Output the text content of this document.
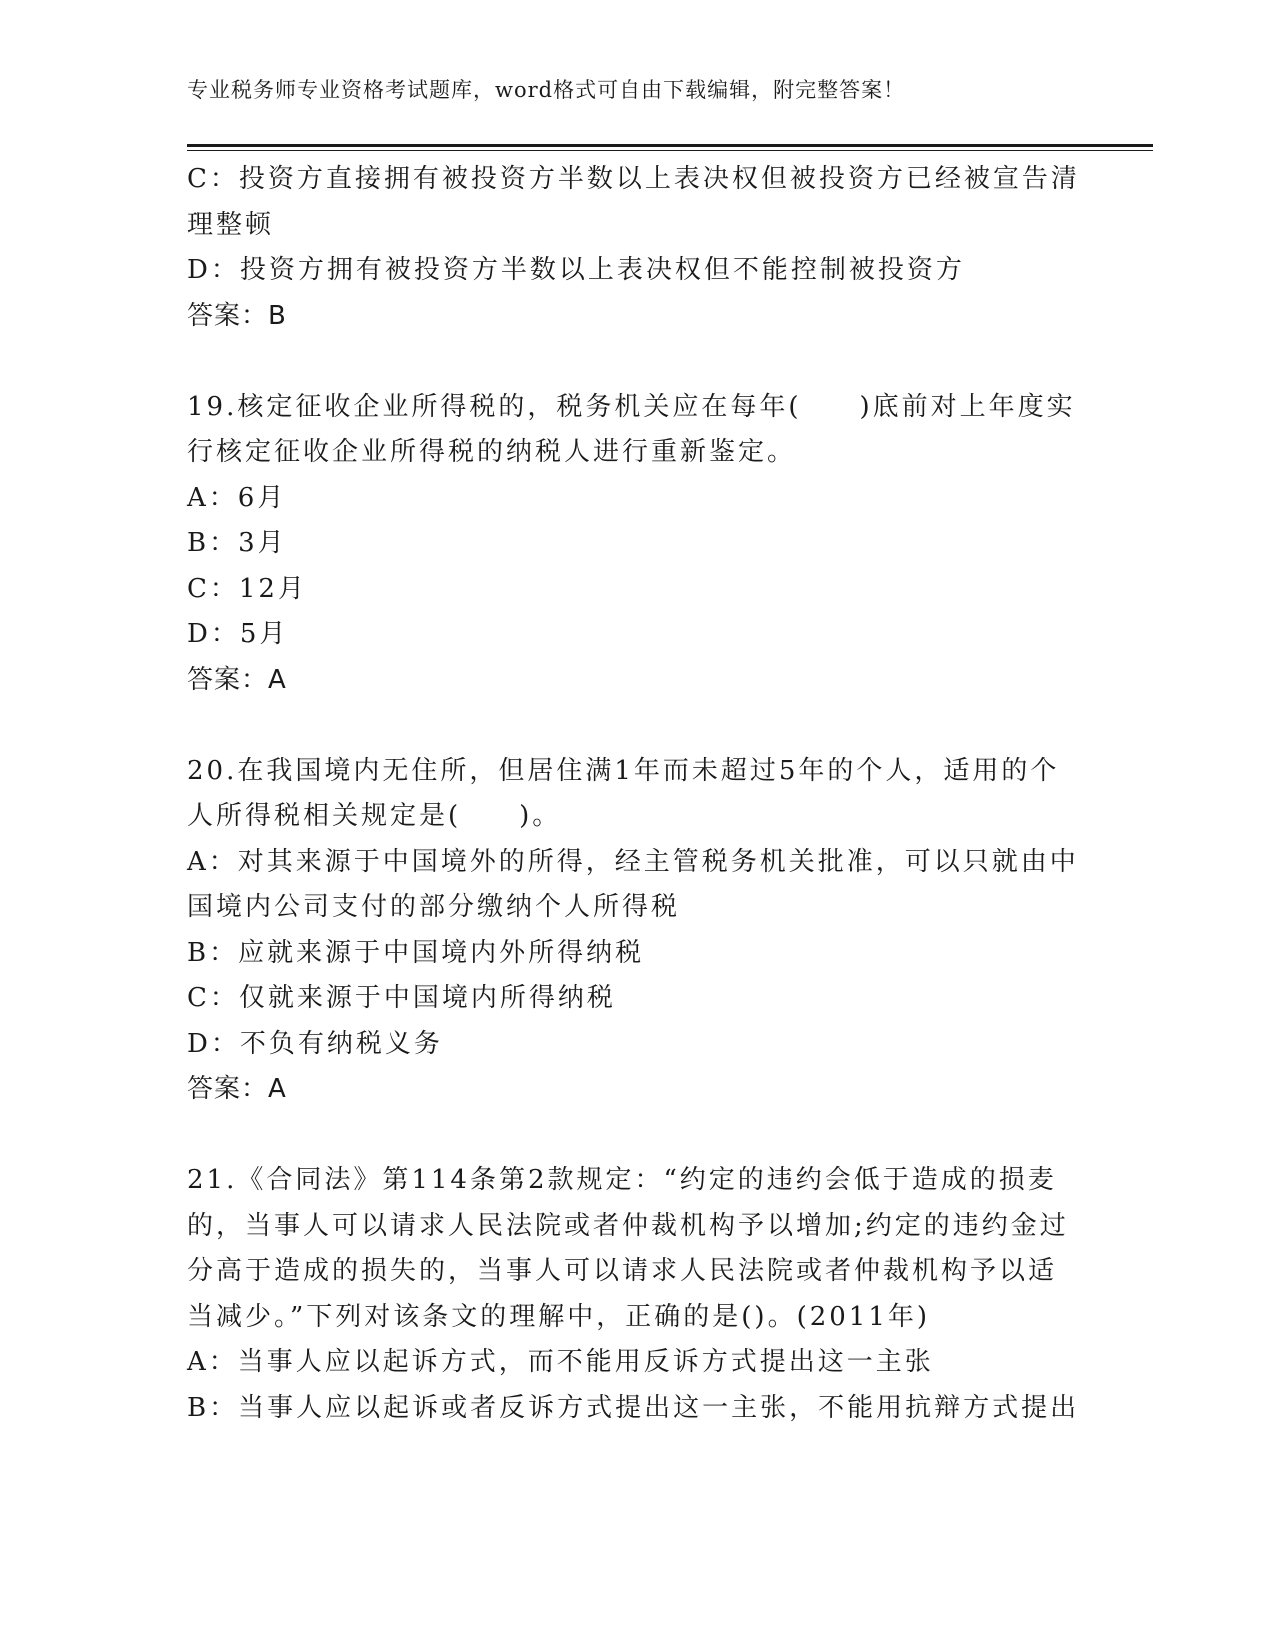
专业税务师专业资格考试题库，word格式可自由下载编辑，附完整答案！
C：投资方直接拥有被投资方半数以上表决权但被投资方已经被宣告清
理整顿
D：投资方拥有被投资方半数以上表决权但不能控制被投资方
答案：B
19.核定征收企业所得税的，税务机关应在每年(　　)底前对上年度实
行核定征收企业所得税的纳税人进行重新鉴定。
A：6月
B：3月
C：12月
D：5月
答案：A
20.在我国境内无住所，但居住满1年而未超过5年的个人，适用的个
人所得税相关规定是(　　)。
A：对其来源于中国境外的所得，经主管税务机关批准，可以只就由中
国境内公司支付的部分缴纳个人所得税
B：应就来源于中国境内外所得纳税
C：仅就来源于中国境内所得纳税
D：不负有纳税义务
答案：A
21.《合同法》第114条第2款规定：“约定的违约会低于造成的损麦
的，当事人可以请求人民法院或者仲裁机构予以增加;约定的违约金过
分高于造成的损失的，当事人可以请求人民法院或者仲裁机构予以适
当减少。”下列对该条文的理解中，正确的是()。(2011年)
A：当事人应以起诉方式，而不能用反诉方式提出这一主张
B：当事人应以起诉或者反诉方式提出这一主张，不能用抗辩方式提出
